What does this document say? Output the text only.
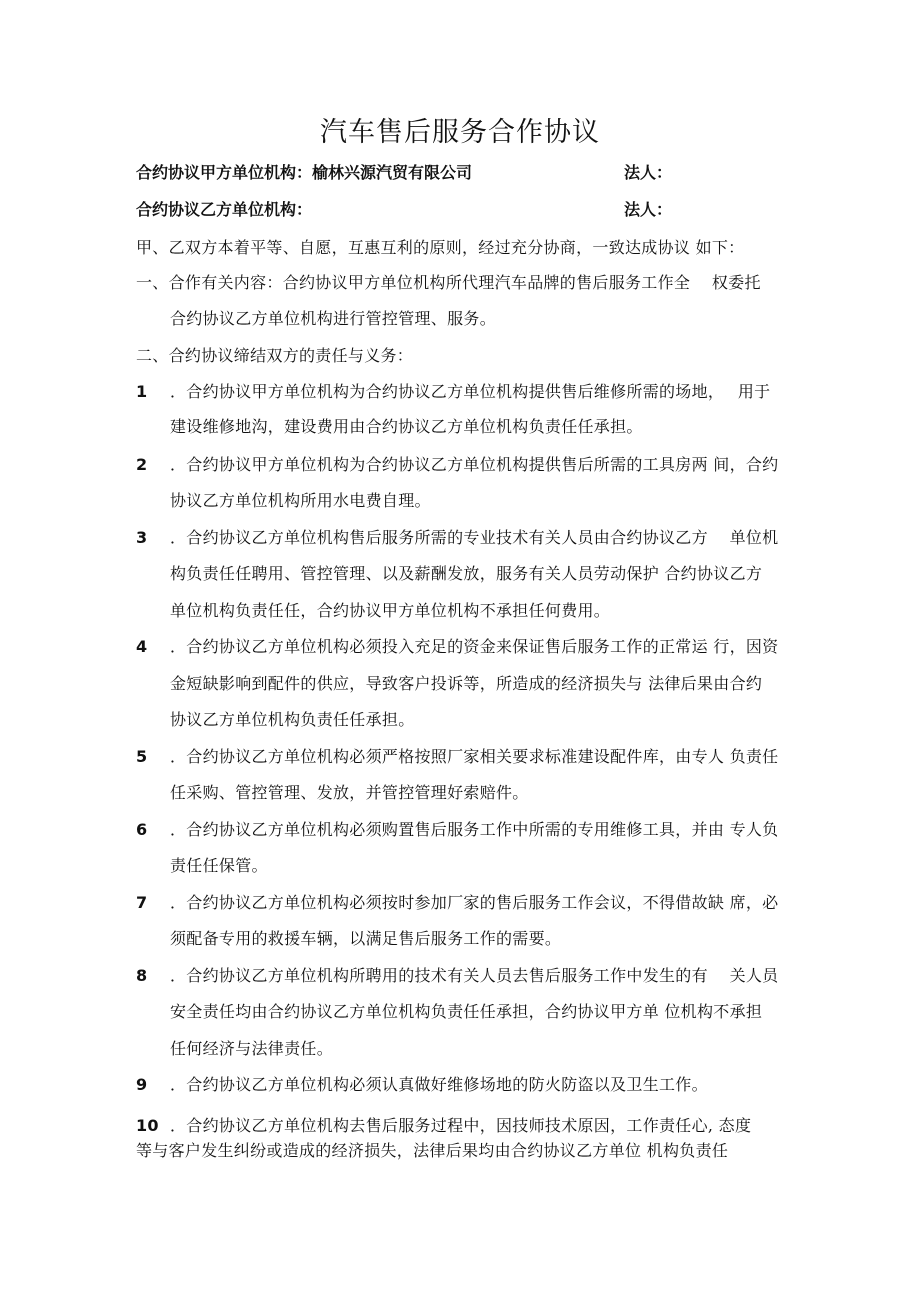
汽车售后服务合作协议
合约协议甲方单位机构：榆林兴源汽贸有限公司	法人：
合约协议乙方单位机构：	法人：
甲、乙双方本着平等、自愿，互惠互利的原则，经过充分协商，一致达成协议 如下：
一、合作有关内容：合约协议甲方单位机构所代理汽车品牌的售后服务工作全　 权委托
合约协议乙方单位机构进行管控管理、服务。
二、合约协议缔结双方的责任与义务：
1 ．合约协议甲方单位机构为合约协议乙方单位机构提供售后维修所需的场地，　 用于
建设维修地沟，建设费用由合约协议乙方单位机构负责任任承担。
2 ．合约协议甲方单位机构为合约协议乙方单位机构提供售后所需的工具房两 间，合约
协议乙方单位机构所用水电费自理。
3 ．合约协议乙方单位机构售后服务所需的专业技术有关人员由合约协议乙方　 单位机
构负责任任聘用、管控管理、以及薪酬发放，服务有关人员劳动保护 合约协议乙方
单位机构负责任任，合约协议甲方单位机构不承担任何费用。
4 ．合约协议乙方单位机构必须投入充足的资金来保证售后服务工作的正常运 行，因资
金短缺影响到配件的供应，导致客户投诉等，所造成的经济损失与 法律后果由合约
协议乙方单位机构负责任任承担。
5 ．合约协议乙方单位机构必须严格按照厂家相关要求标准建设配件库，由专人 负责任
任采购、管控管理、发放，并管控管理好索赔件。
6 ．合约协议乙方单位机构必须购置售后服务工作中所需的专用维修工具，并由 专人负
责任任保管。
7 ．合约协议乙方单位机构必须按时参加厂家的售后服务工作会议，不得借故缺 席，必
须配备专用的救援车辆，以满足售后服务工作的需要。
8 ．合约协议乙方单位机构所聘用的技术有关人员去售后服务工作中发生的有　 关人员
安全责任均由合约协议乙方单位机构负责任任承担，合约协议甲方单 位机构不承担
任何经济与法律责任。
9 ．合约协议乙方单位机构必须认真做好维修场地的防火防盗以及卫生工作。
10 ．合约协议乙方单位机构去售后服务过程中，因技师技术原因，工作责任心, 态度
等与客户发生纠纷或造成的经济损失，法律后果均由合约协议乙方单位 机构负责任
